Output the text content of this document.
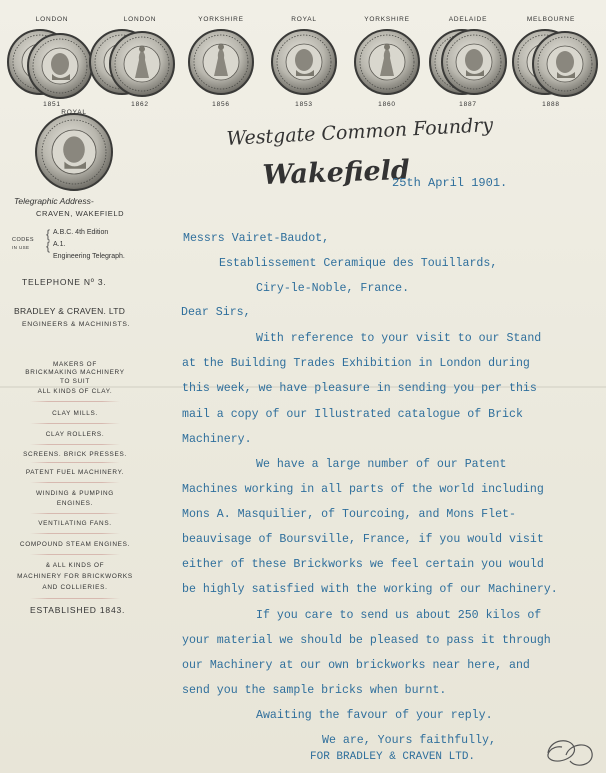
LONDON	LONDON	YORKSHIRE	ROYAL	YORKSHIRE	ADELAIDE	MELBOURNE
1851	1862	1856	1853	1860	1887	1888
ROYAL
Westgate Common Foundry
Wakefield
25th April 1901.
Telegraphic Address-
CRAVEN, WAKEFIELD
CODES
IN USE
{
{
A.B.C. 4th Edition
A.1.
Engineering Telegraph.
TELEPHONE Nº 3.
BRADLEY & CRAVEN. LTD
ENGINEERS & MACHINISTS.
MAKERS OF
BRICKMAKING MACHINERY
TO SUIT
ALL KINDS OF CLAY.
CLAY MILLS.
CLAY ROLLERS.
SCREENS. BRICK PRESSES.
PATENT FUEL MACHINERY.
WINDING & PUMPING
ENGINES.
VENTILATING FANS.
COMPOUND STEAM ENGINES.
& ALL KINDS OF
MACHINERY FOR BRICKWORKS
AND COLLIERIES.
ESTABLISHED 1843.
Messrs Vairet-Baudot,
Establissement Ceramique des Touillards,
Ciry-le-Noble, France.
Dear Sirs,
With reference to your visit to our Stand
at the Building Trades Exhibition in London during
this week, we have pleasure in sending you per this
mail a copy of our Illustrated catalogue of Brick
Machinery.
We have a large number of our Patent
Machines working in all parts of the world including
Mons A. Masquilier, of Tourcoing, and Mons Flet-
beauvisage of Boursville, France, if you would visit
either of these Brickworks we feel certain you would
be highly satisfied with the working of our Machinery.
If you care to send us about 250 kilos of
your material we should be pleased to pass it through
our Machinery at our own brickworks near here, and
send you the sample bricks when burnt.
Awaiting the favour of your reply.
We are, Yours faithfully,
FOR BRADLEY & CRAVEN LTD.
